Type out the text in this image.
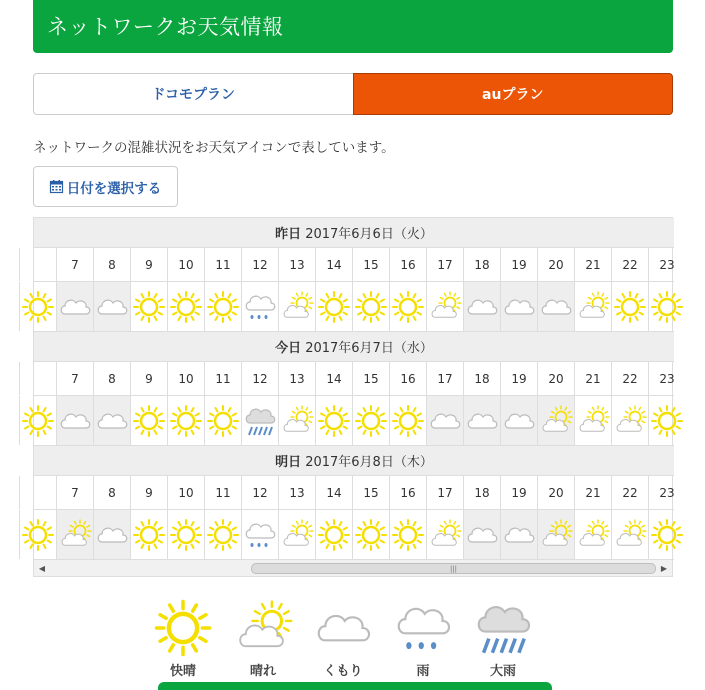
ネットワークお天気情報
ドコモプラン	auプラン
ネットワークの混雑状況をお天気アイコンで表しています。
日付を選択する
昨日 2017年6月6日（火）
7	8	9	10	11	12	13	14	15	16	17	18	19	20	21	22	23
今日 2017年6月7日（水）
7	8	9	10	11	12	13	14	15	16	17	18	19	20	21	22	23
明日 2017年6月8日（木）
7	8	9	10	11	12	13	14	15	16	17	18	19	20	21	22	23
◀	|||	▶
快晴	晴れ	くもり	雨	大雨
